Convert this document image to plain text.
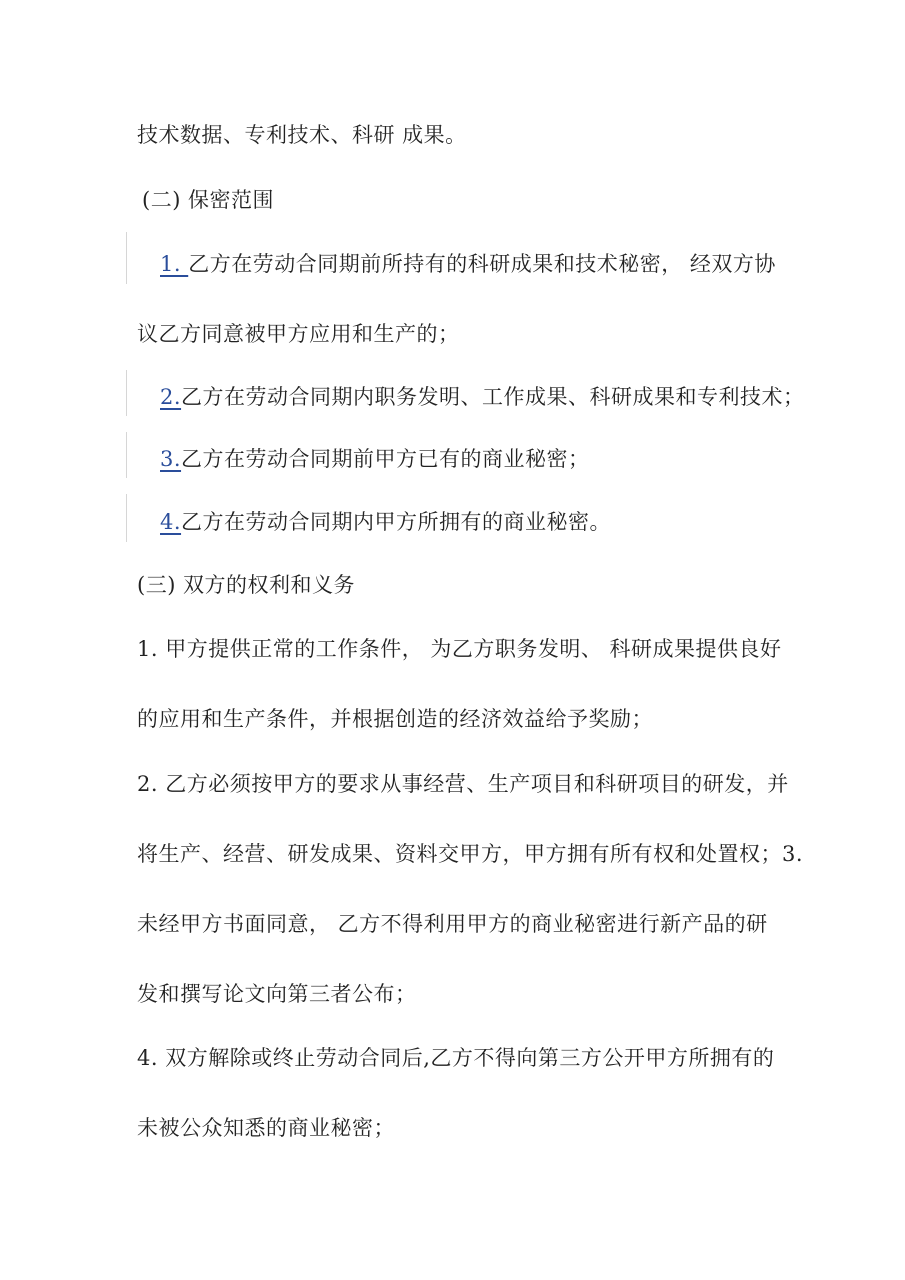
技术数据、专利技术、科研 成果。
(二) 保密范围
1. 乙方在劳动合同期前所持有的科研成果和技术秘密， 经双方协
议乙方同意被甲方应用和生产的；
2.乙方在劳动合同期内职务发明、工作成果、科研成果和专利技术；
3.乙方在劳动合同期前甲方已有的商业秘密；
4.乙方在劳动合同期内甲方所拥有的商业秘密。
(三) 双方的权利和义务
1. 甲方提供正常的工作条件， 为乙方职务发明、 科研成果提供良好
的应用和生产条件，并根据创造的经济效益给予奖励；
2. 乙方必须按甲方的要求从事经营、生产项目和科研项目的研发，并
将生产、经营、研发成果、资料交甲方，甲方拥有所有权和处置权；3.
未经甲方书面同意， 乙方不得利用甲方的商业秘密进行新产品的研
发和撰写论文向第三者公布；
4. 双方解除或终止劳动合同后,乙方不得向第三方公开甲方所拥有的
未被公众知悉的商业秘密；
